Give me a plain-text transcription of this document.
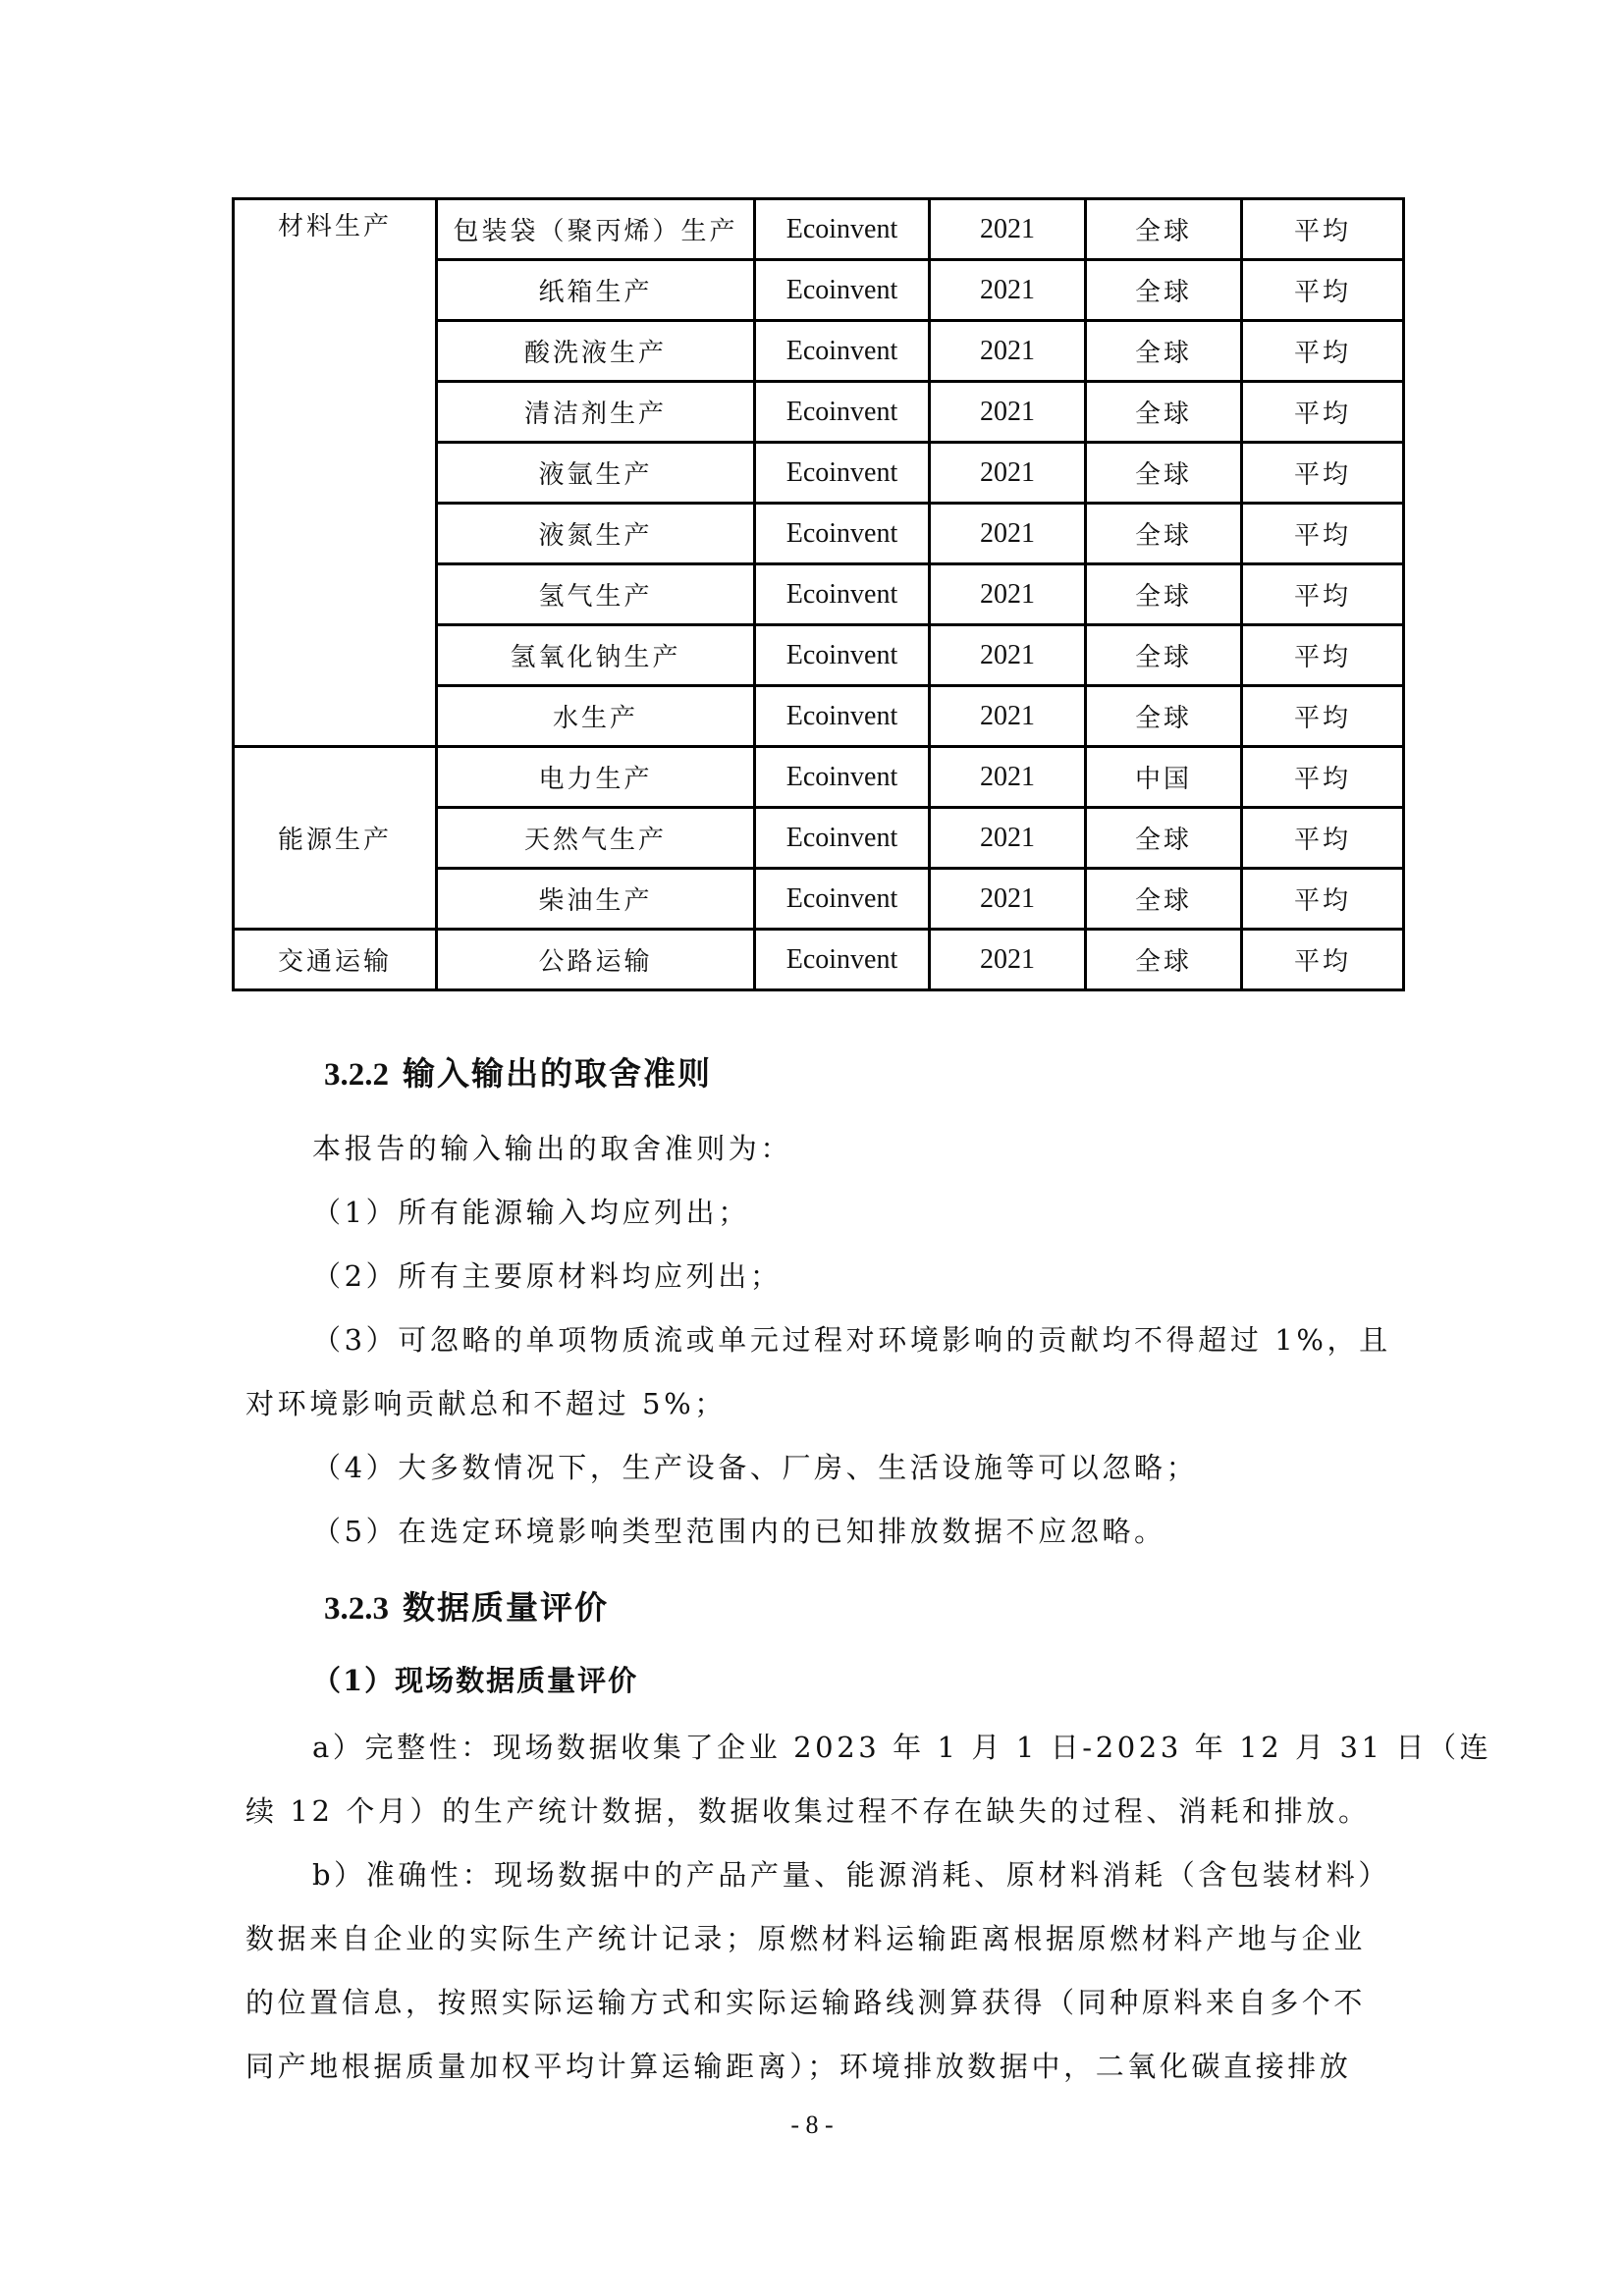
材料生产	包装袋（聚丙烯）生产	Ecoinvent	2021	全球	平均
	纸箱生产	Ecoinvent	2021	全球	平均
	酸洗液生产	Ecoinvent	2021	全球	平均
	清洁剂生产	Ecoinvent	2021	全球	平均
	液氩生产	Ecoinvent	2021	全球	平均
	液氮生产	Ecoinvent	2021	全球	平均
	氢气生产	Ecoinvent	2021	全球	平均
	氢氧化钠生产	Ecoinvent	2021	全球	平均
	水生产	Ecoinvent	2021	全球	平均
能源生产	电力生产	Ecoinvent	2021	中国	平均
	天然气生产	Ecoinvent	2021	全球	平均
	柴油生产	Ecoinvent	2021	全球	平均
交通运输	公路运输	Ecoinvent	2021	全球	平均
3.2.2 输入输出的取舍准则
本报告的输入输出的取舍准则为：
（1）所有能源输入均应列出；
（2）所有主要原材料均应列出；
（3）可忽略的单项物质流或单元过程对环境影响的贡献均不得超过 1%，且
对环境影响贡献总和不超过 5%；
（4）大多数情况下，生产设备、厂房、生活设施等可以忽略；
（5）在选定环境影响类型范围内的已知排放数据不应忽略。
3.2.3 数据质量评价
（1）现场数据质量评价
a）完整性：现场数据收集了企业 2023 年 1 月 1 日-2023 年 12 月 31 日（连
续 12 个月）的生产统计数据，数据收集过程不存在缺失的过程、消耗和排放。
b）准确性：现场数据中的产品产量、能源消耗、原材料消耗（含包装材料）
数据来自企业的实际生产统计记录；原燃材料运输距离根据原燃材料产地与企业
的位置信息，按照实际运输方式和实际运输路线测算获得（同种原料来自多个不
同产地根据质量加权平均计算运输距离）；环境排放数据中，二氧化碳直接排放
- 8 -
